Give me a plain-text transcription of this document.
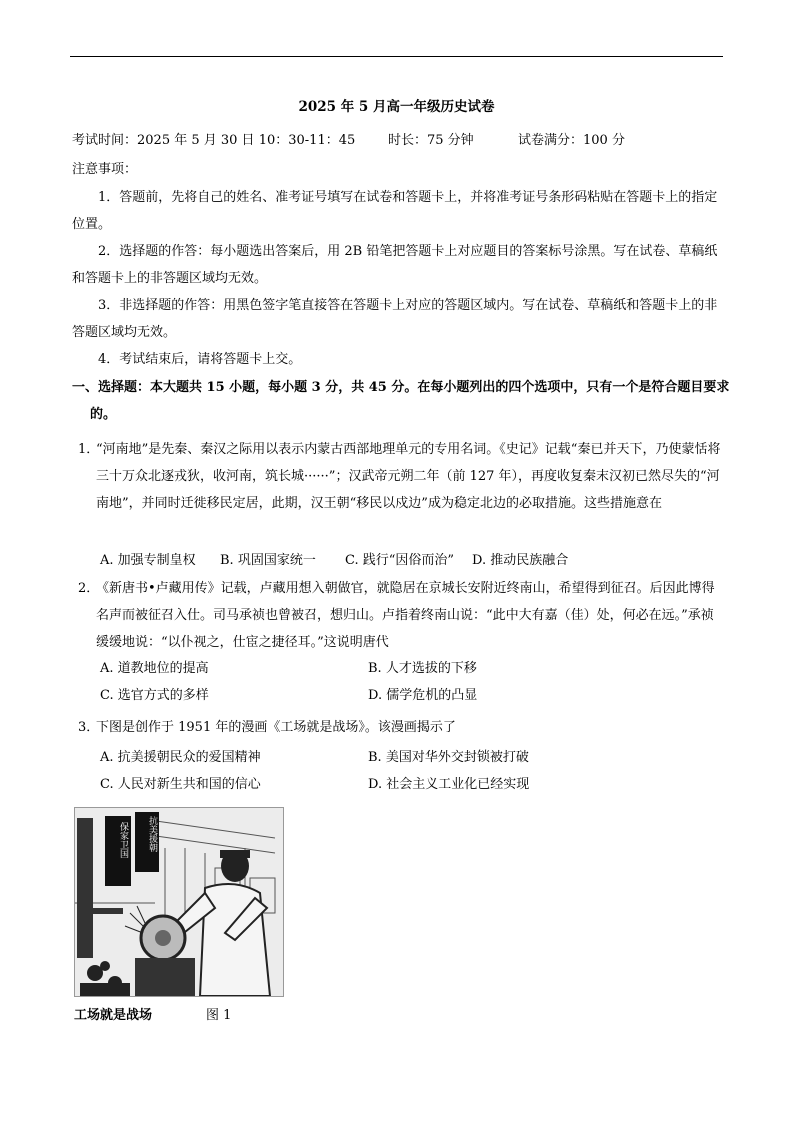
2025 年 5 月高一年级历史试卷
考试时间：2025 年 5 月 30 日 10：30-11：45	时长：75 分钟	试卷满分：100 分
注意事项：
1．答题前，先将自己的姓名、准考证号填写在试卷和答题卡上，并将准考证号条形码粘贴在答题卡上的指定位置。
2．选择题的作答：每小题选出答案后，用 2B 铅笔把答题卡上对应题目的答案标号涂黑。写在试卷、草稿纸和答题卡上的非答题区域均无效。
3．非选择题的作答：用黑色签字笔直接答在答题卡上对应的答题区域内。写在试卷、草稿纸和答题卡上的非答题区域均无效。
4．考试结束后，请将答题卡上交。
一、选择题：本大题共 15 小题，每小题 3 分，共 45 分。在每小题列出的四个选项中，只有一个是符合题目要求的。
1．
“河南地”是先秦、秦汉之际用以表示内蒙古西部地理单元的专用名词。《史记》记载“秦已并天下，乃使蒙恬将三十万众北逐戎狄，收河南，筑长城······”；汉武帝元朔二年（前 127 年），再度收复秦末汉初已然尽失的“河南地”，并同时迁徙移民定居，此期，汉王朝“移民以戍边”成为稳定北边的必取措施。这些措施意在
A. 加强专制皇权 B. 巩固国家统一 C. 践行“因俗而治” D. 推动民族融合
2．
《新唐书•卢藏用传》记载，卢藏用想入朝做官，就隐居在京城长安附近终南山，希望得到征召。后因此博得名声而被征召入仕。司马承祯也曾被召，想归山。卢指着终南山说：“此中大有嘉（佳）处，何必在远。”承祯缓缓地说：“以仆视之，仕宦之捷径耳。”这说明唐代
A. 道教地位的提高	B. 人才选拔的下移
C. 选官方式的多样	D. 儒学危机的凸显
3．
下图是创作于 1951 年的漫画《工场就是战场》。该漫画揭示了
A. 抗美援朝民众的爱国精神	B. 美国对华外交封锁被打破
C. 人民对新生共和国的信心	D. 社会主义工业化已经实现
抗美援朝
保家卫国
工场就是战场	图 1
